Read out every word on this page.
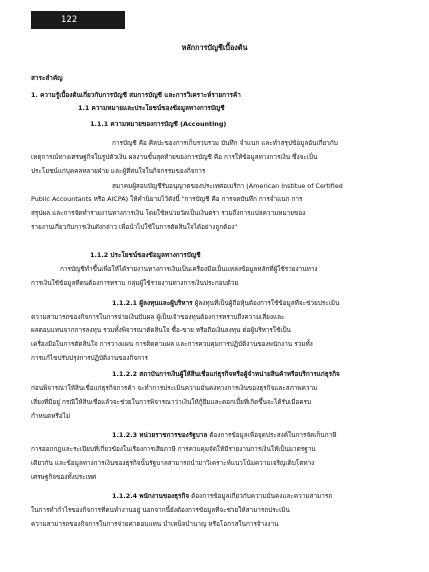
122
หลักการบัญชีเบื้องต้น
สาระสำคัญ
1. ความรู้เบื้องต้นเกี่ยวกับการบัญชี สมการบัญชี และการวิเคราะห์รายการค้า
1.1 ความหมายและประโยชน์ของข้อมูลทางการบัญชี
1.1.1 ความหมายของการบัญชี (Accounting)
การบัญชี คือ ศิลปะของการเก็บรวบรวม บันทึก จำแนก และทำสรุปข้อมูลอันเกี่ยวกับ
เหตุการณ์ทางเศรษฐกิจในรูปตัวเงิน ผลงานขั้นสุดท้ายของการบัญชี คือ การให้ข้อมูลทางการเงิน ซึ่งจะเป็น
ประโยชน์แก่บุคคลหลายฝ่าย และผู้ที่สนใจในกิจกรรมของกิจการ
สมาคมผู้สอบบัญชีรับอนุญาตของประเทศอเมริกา (American Institue of Certified
Public Accountants หรือ AICPA) ให้คำนิยามไว้ดังนี้ "การบัญชี คือ การจดบันทึก การจำแนก การ
สรุปผล และการจัดทำรายงานทางการเงิน โดยใช้หน่วยวัดเป็นเงินตรา รวมถึงการแปลความหมายของ
รายงานเกี่ยวกับการเงินดังกล่าว เพื่อนำไปใช้ในการตัดสินใจได้อย่างถูกต้อง"
1.1.2 ประโยชน์ของข้อมูลทางการบัญชี
การบัญชีทำขึ้นเพื่อให้ได้รายงานทางการเงินเป็นเครื่องมือเป็นแหล่งข้อมูลหลักที่ผู้ใช้รายงานทาง
การเงินใช้ข้อมูลที่ตนต้องการทราบ กลุ่มผู้ใช้รายงานทางการเงินประกอบด้วย
1.1.2.1 ผู้ลงทุนและผู้บริหาร ผู้ลงทุนที่เป็นผู้ถือหุ้นต้องการใช้ข้อมูลที่จะช่วยประเมิน
ความสามารถของกิจการในการจ่ายเงินปันผล ผู้เป็นเจ้าของทุนต้องการทราบถึงความเสี่ยงและ
ผลตอบแทนจากการลงทุน รวมทั้งพิจารณาตัดสินใจ ซื้อ-ขาย หรือถือเงินลงทุน ต่อผู้บริหารใช้เป็น
เครื่องมือในการตัดสินใจ การวางแผน การติดตามผล และการควบคุมการปฏิบัติงานของพนักงาน รวมทั้ง
การแก้ไขปรับปรุงการปฏิบัติงานของกิจการ
1.1.2.2 สถาบันการเงินผู้ให้สินเชื่อแก่ธุรกิจหรือผู้จำหน่ายสินค้าหรือบริการแก่ธุรกิจ
ก่อนพิจารณาให้สินเชื่อแก่ธุรกิจการค้า จะทำการประเมินความมั่นคงทางการเงินของธุรกิจและสภาพความ
เสี่ยงที่มีอยู่ กรณีให้สินเชื่อแล้วจะช่วยในการพิจารณาว่าเงินให้กู้ยืมและดอกเบี้ยที่เกิดขึ้นจะได้รับเมื่อครบ
กำหนดหรือไม่
1.1.2.3 หน่วยราชการของรัฐบาล ต้องการข้อมูลเพื่อจุดประสงค์ในการจัดเก็บภาษี
การออกกฎและระเบียบที่เกี่ยวข้องในเรื่องการเสียภาษี การควบคุมจัดให้มีรายงานการเงินให้เป็นมาตรฐาน
เดียวกัน และข้อมูลทางการเงินของธุรกิจนั้นรัฐบาลสามารถนำมาวิเคราะห์แนวโน้มความเจริญเติบโตทาง
เศรษฐกิจของทั้งประเทศ
1.1.2.4 พนักงานของธุรกิจ ต้องการข้อมูลเกี่ยวกับความมั่นคงและความสามารถ
ในการทำกำไรของกิจการที่ตนทำงานอยู่ นอกจากนี้ยังต้องการข้อมูลที่จะช่วยให้สามารถประเมิน
ความสามารถของกิจการในการจ่ายค่าตอบแทน บำเหน็จบำนาญ หรือโอกาสในการจ้างงาน
